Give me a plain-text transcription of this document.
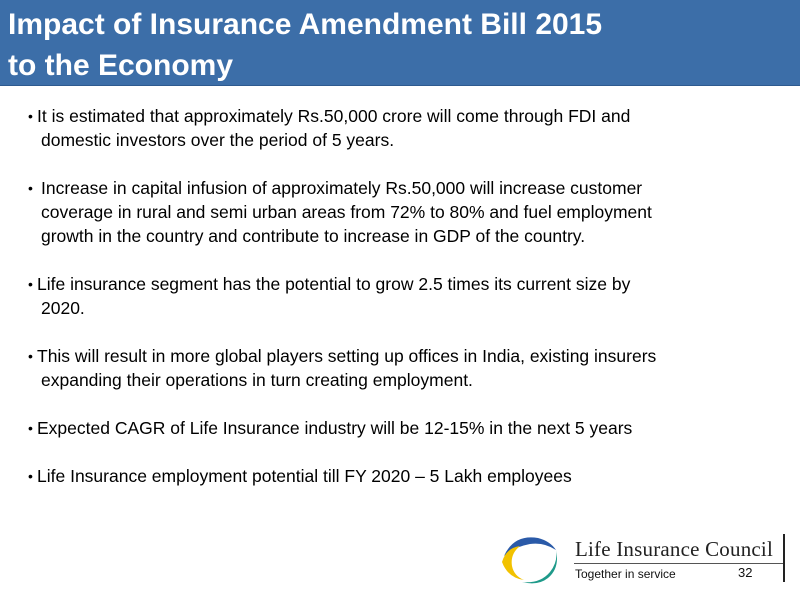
Impact of Insurance Amendment Bill 2015
to the Economy
• It is estimated that approximately Rs.50,000 crore will come through FDI and
domestic investors over the period of 5 years.
• Increase in capital infusion of approximately Rs.50,000 will increase customer
coverage in rural and semi urban areas from 72% to 80% and fuel employment
growth in the country and contribute to increase in GDP of the country.
• Life insurance segment has the potential to grow 2.5 times its current size by
2020.
• This will result in more global players setting up offices in India, existing insurers
expanding their operations in turn creating employment.
• Expected CAGR of Life Insurance industry will be 12-15% in the next 5 years
• Life Insurance employment potential till FY 2020 – 5 Lakh employees
Life Insurance Council
Together in service	32
